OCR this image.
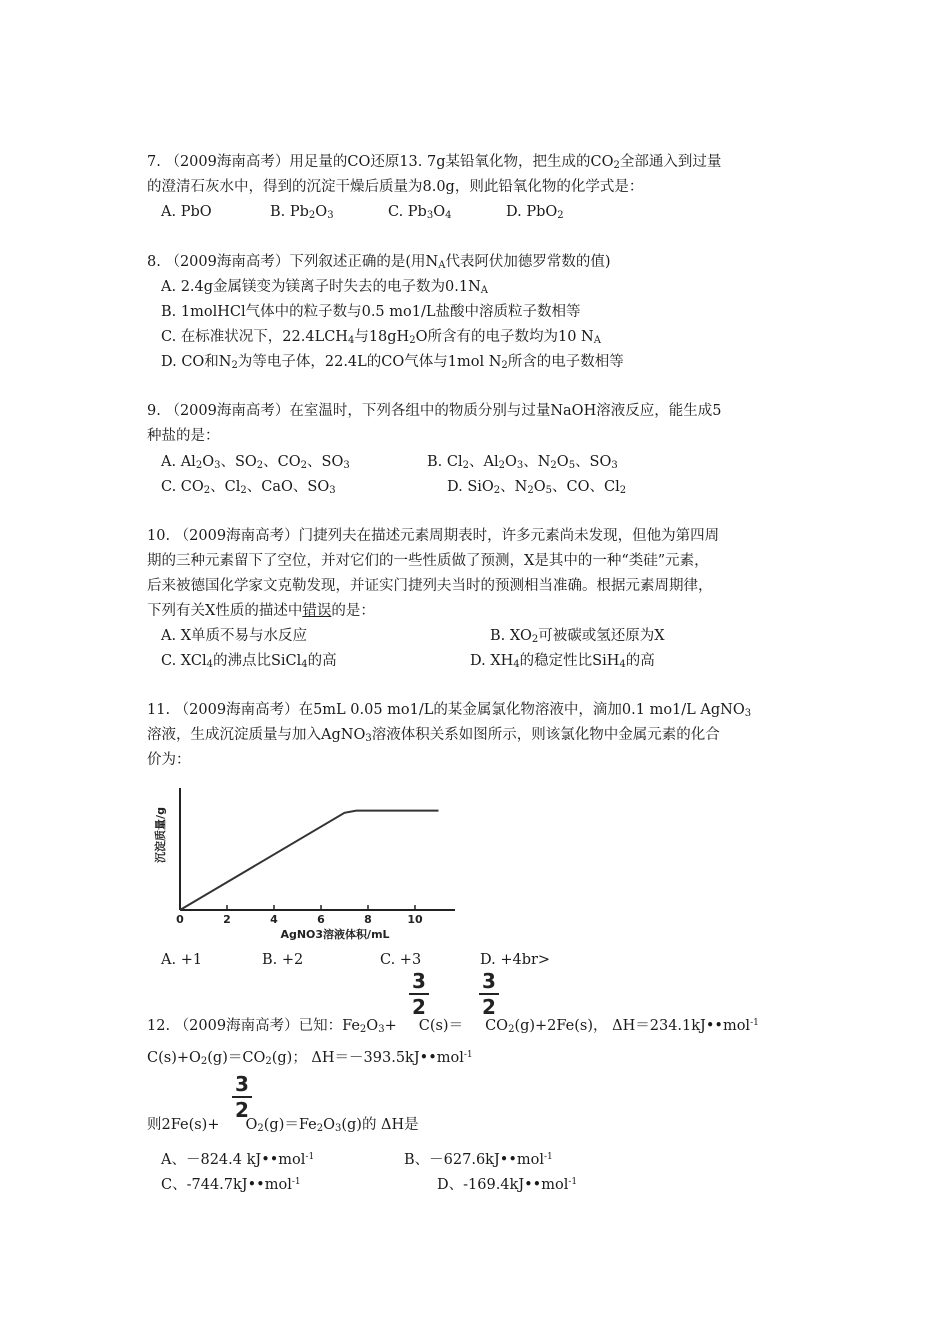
7. （2009海南高考）用足量的CO还原13. 7g某铅氧化物，把生成的$CO_2$全部通入到过量
的澄清石灰水中，得到的沉淀干燥后质量为8.0g，则此铅氧化物的化学式是：
A. PbO	B. $Pb_2O_3$	C. $Pb_3O_4$	D. PbO$_2$
8. （2009海南高考）下列叙述正确的是(用$N_A$代表阿伏加德罗常数的值)
A. 2.4g金属镁变为镁离子时失去的电子数为$0.1N_A$
B. 1molHCl气体中的粒子数与0.5 mo1/L盐酸中溶质粒子数相等
C. 在标准状况下，$22.4LCH_4$与$18gH_2O$所含有的电子数均为10 $N_A$
D. CO和$N_2$为等电子体，22.4L的CO气体与1mol $N_2$所含的电子数相等
9. （2009海南高考）在室温时，下列各组中的物质分别与过量NaOH溶液反应，能生成5
种盐的是：
A. $Al_2O_3$、$SO_2$、$CO_2$、$SO_3$	B. $Cl_2$、$Al_2O_3$、$N_2O_5$、$SO_3$
C. $CO_2$、$Cl_2$、CaO、$SO_3$	D. SiO$_2$、$N_2O_5$、CO、$Cl_2$
10. （2009海南高考）门捷列夫在描述元素周期表时，许多元素尚未发现，但他为第四周
期的三种元素留下了空位，并对它们的一些性质做了预测，X是其中的一种“类硅”元素，
后来被德国化学家文克勒发现，并证实门捷列夫当时的预测相当准确。根据元素周期律，
下列有关X性质的描述中错误的是：
A. X单质不易与水反应	B. $XO_2$可被碳或氢还原为X
C. XCl$_4$的沸点比SiCl$_4$的高	D. $XH_4$的稳定性比SiH$_4$的高
11. （2009海南高考）在5mL 0.05 mo1/L的某金属氯化物溶液中，滴加0.1 mo1/L AgNO$_3$
溶液，生成沉淀质量与加入AgNO$_3$溶液体积关系如图所示，则该氯化物中金属元素的化合
价为：
0	2	4	6	8	10
AgNO3溶液体积/mL
沉淀质量/g
A. +1	B. +2	C. +3	D. +4br>
3
2
3
2
12. （2009海南高考）已知：$Fe_2O_3+ C(s)= CO_2(g)+2Fe(s)$， ΔH＝234.1kJ••mol$^{-1}$
$C(s)+O_2(g)=CO_2(g)$； ΔH＝－393.5kJ••mol$^{-1}$
3
2
则$2Fe(s)+ O_2(g)=Fe_2O_3(g)$的 ΔH是
A、－824.4 kJ••mol$^{-1}$	B、－627.6kJ••mol$^{-1}$
C、-744.7kJ••mol$^{-1}$	D、-169.4kJ••mol$^{-1}$
